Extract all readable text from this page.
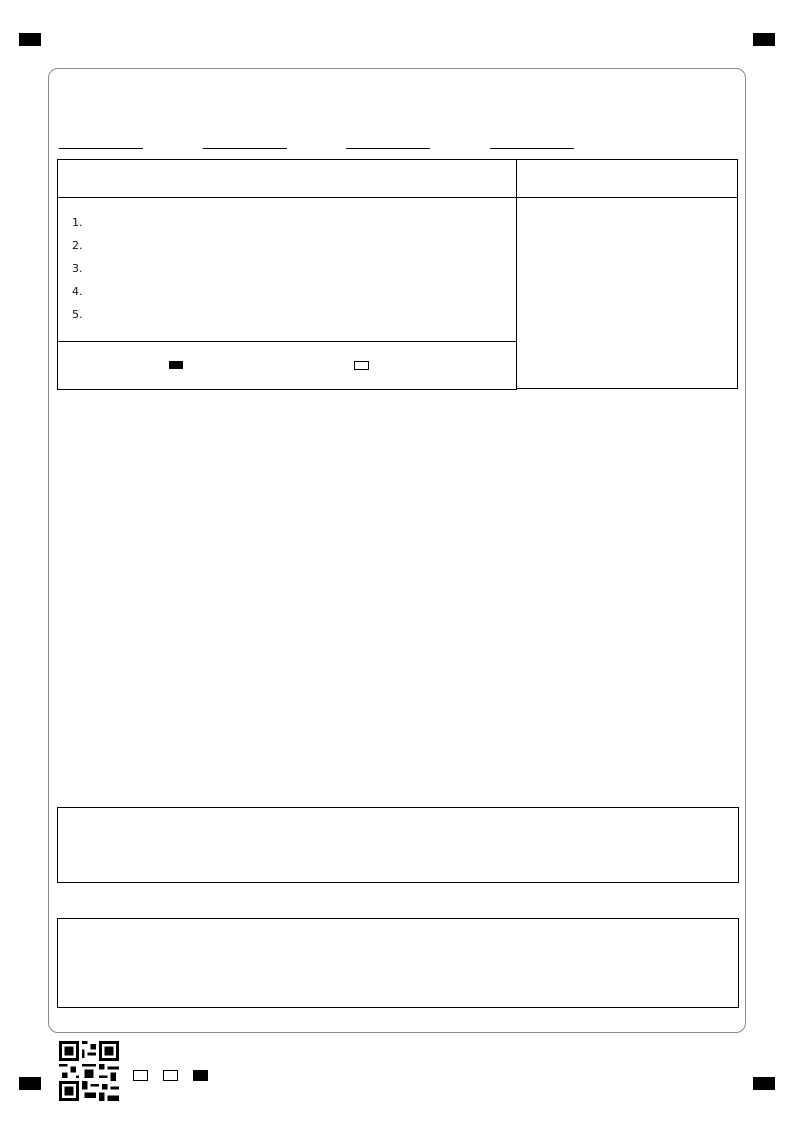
1.
2.
3.
4.
5.
